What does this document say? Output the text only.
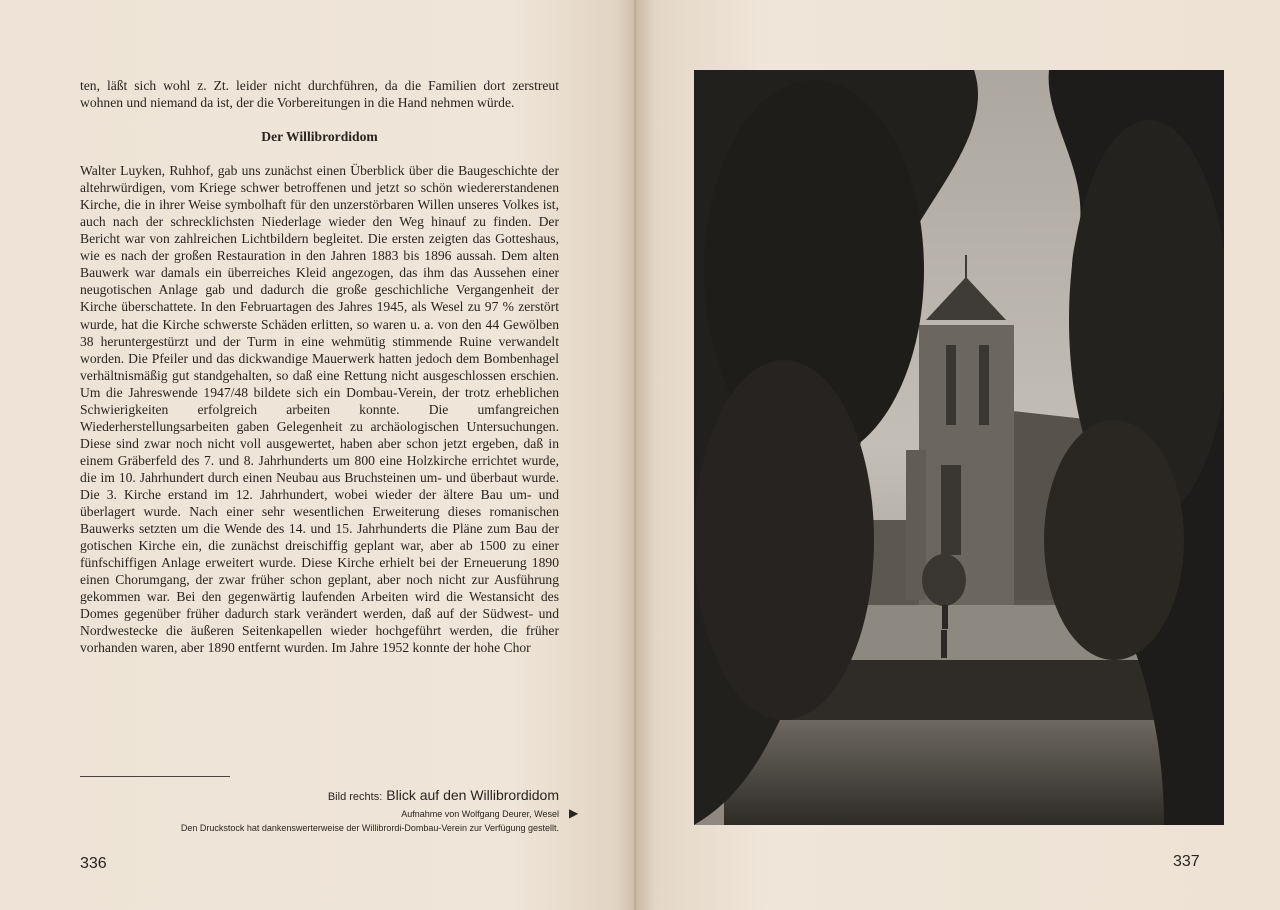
ten, läßt sich wohl z. Zt. leider nicht durchführen, da die Familien dort zerstreut wohnen und niemand da ist, der die Vorbereitungen in die Hand nehmen würde.

Der Willibrordidom

Walter Luyken, Ruhhof, gab uns zunächst einen Überblick über die Baugeschichte der altehrwürdigen, vom Kriege schwer betroffenen und jetzt so schön wiedererstandenen Kirche, die in ihrer Weise symbolhaft für den unzerstörbaren Willen unseres Volkes ist, auch nach der schrecklichsten Niederlage wieder den Weg hinauf zu finden. Der Bericht war von zahlreichen Lichtbildern begleitet. Die ersten zeigten das Gotteshaus, wie es nach der großen Restauration in den Jahren 1883 bis 1896 aussah. Dem alten Bauwerk war damals ein überreiches Kleid angezogen, das ihm das Aussehen einer neugotischen Anlage gab und dadurch die große geschichliche Vergangenheit der Kirche überschattete. In den Februartagen des Jahres 1945, als Wesel zu 97 % zerstört wurde, hat die Kirche schwerste Schäden erlitten, so waren u. a. von den 44 Gewölben 38 heruntergestürzt und der Turm in eine wehmütig stimmende Ruine verwandelt worden. Die Pfeiler und das dickwandige Mauerwerk hatten jedoch dem Bombenhagel verhältnismäßig gut standgehalten, so daß eine Rettung nicht ausgeschlossen erschien. Um die Jahreswende 1947/48 bildete sich ein Dombau-Verein, der trotz erheblichen Schwierigkeiten erfolgreich arbeiten konnte. Die umfangreichen Wiederherstellungsarbeiten gaben Gelegenheit zu archäologischen Untersuchungen. Diese sind zwar noch nicht voll ausgewertet, haben aber schon jetzt ergeben, daß in einem Gräberfeld des 7. und 8. Jahrhunderts um 800 eine Holzkirche errichtet wurde, die im 10. Jahrhundert durch einen Neubau aus Bruchsteinen um- und überbaut wurde. Die 3. Kirche erstand im 12. Jahrhundert, wobei wieder der ältere Bau um- und überlagert wurde. Nach einer sehr wesentlichen Erweiterung dieses romanischen Bauwerks setzten um die Wende des 14. und 15. Jahrhunderts die Pläne zum Bau der gotischen Kirche ein, die zunächst dreischiffig geplant war, aber ab 1500 zu einer fünfschiffigen Anlage erweitert wurde. Diese Kirche erhielt bei der Erneuerung 1890 einen Chorumgang, der zwar früher schon geplant, aber noch nicht zur Ausführung gekommen war. Bei den gegenwärtig laufenden Arbeiten wird die Westansicht des Domes gegenüber früher dadurch stark verändert werden, daß auf der Südwest- und Nordwestecke die äußeren Seitenkapellen wieder hochgeführt werden, die früher vorhanden waren, aber 1890 entfernt wurden. Im Jahre 1952 konnte der hohe Chor

Bild rechts: Blick auf den Willibrordidom
Aufnahme von Wolfgang Deurer, Wesel ▶
Den Druckstock hat dankenswerterweise der Willibrordi-Dombau-Verein zur Verfügung gestellt.
336	337
